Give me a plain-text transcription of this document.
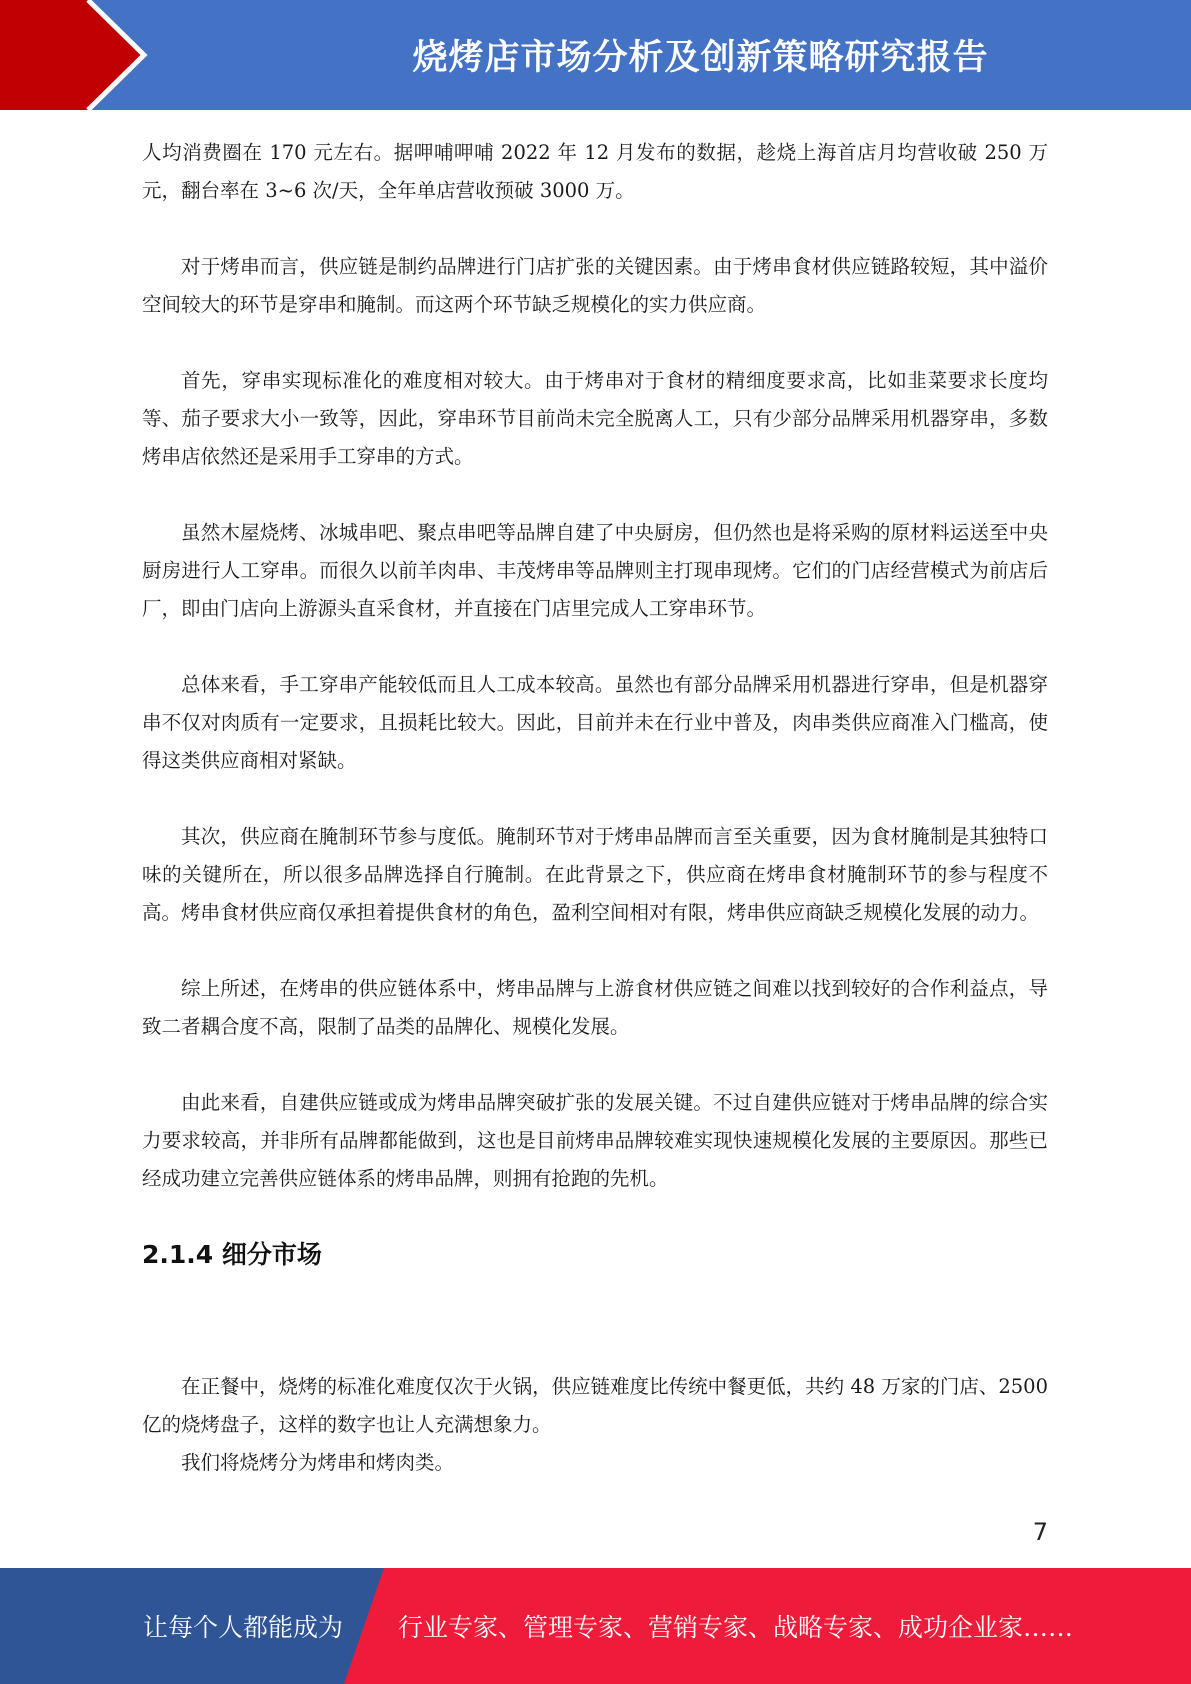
烧烤店市场分析及创新策略研究报告

人均消费圈在 170 元左右。据呷哺呷哺 2022 年 12 月发布的数据，趁烧上海首店月均营收破 250 万元，翻台率在 3~6 次/天，全年单店营收预破 3000 万。

对于烤串而言，供应链是制约品牌进行门店扩张的关键因素。由于烤串食材供应链路较短，其中溢价空间较大的环节是穿串和腌制。而这两个环节缺乏规模化的实力供应商。

首先，穿串实现标准化的难度相对较大。由于烤串对于食材的精细度要求高，比如韭菜要求长度均等、茄子要求大小一致等，因此，穿串环节目前尚未完全脱离人工，只有少部分品牌采用机器穿串，多数烤串店依然还是采用手工穿串的方式。

虽然木屋烧烤、冰城串吧、聚点串吧等品牌自建了中央厨房，但仍然也是将采购的原材料运送至中央厨房进行人工穿串。而很久以前羊肉串、丰茂烤串等品牌则主打现串现烤。它们的门店经营模式为前店后厂，即由门店向上游源头直采食材，并直接在门店里完成人工穿串环节。

总体来看，手工穿串产能较低而且人工成本较高。虽然也有部分品牌采用机器进行穿串，但是机器穿串不仅对肉质有一定要求，且损耗比较大。因此，目前并未在行业中普及，肉串类供应商准入门槛高，使得这类供应商相对紧缺。

其次，供应商在腌制环节参与度低。腌制环节对于烤串品牌而言至关重要，因为食材腌制是其独特口味的关键所在，所以很多品牌选择自行腌制。在此背景之下，供应商在烤串食材腌制环节的参与程度不高。烤串食材供应商仅承担着提供食材的角色，盈利空间相对有限，烤串供应商缺乏规模化发展的动力。

综上所述，在烤串的供应链体系中，烤串品牌与上游食材供应链之间难以找到较好的合作利益点，导致二者耦合度不高，限制了品类的品牌化、规模化发展。

由此来看，自建供应链或成为烤串品牌突破扩张的发展关键。不过自建供应链对于烤串品牌的综合实力要求较高，并非所有品牌都能做到，这也是目前烤串品牌较难实现快速规模化发展的主要原因。那些已经成功建立完善供应链体系的烤串品牌，则拥有抢跑的先机。

2.1.4 细分市场

在正餐中，烧烤的标准化难度仅次于火锅，供应链难度比传统中餐更低，共约 48 万家的门店、2500 亿的烧烤盘子，这样的数字也让人充满想象力。

我们将烧烤分为烤串和烤肉类。

7
让每个人都能成为 行业专家、管理专家、营销专家、战略专家、成功企业家……
